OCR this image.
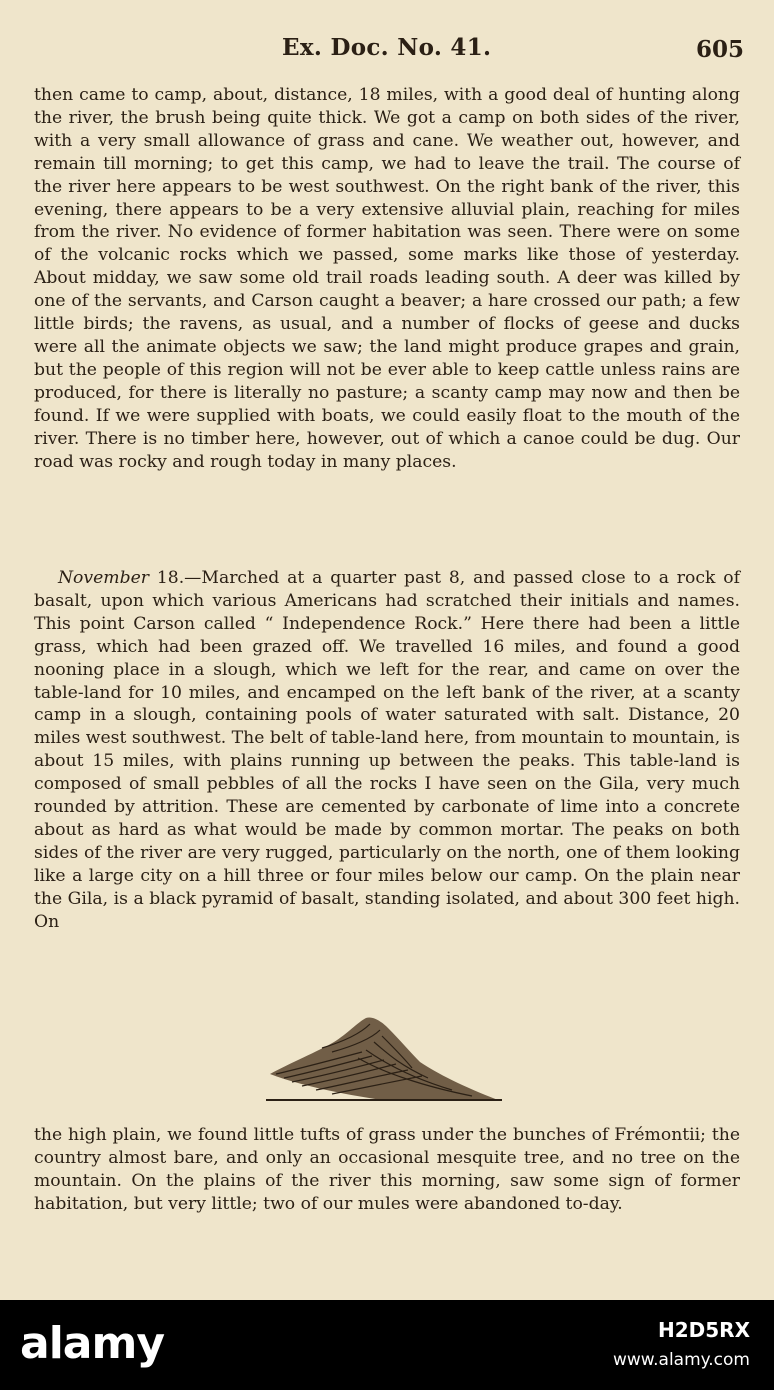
Ex. Doc. No. 41.	605

then came to camp, about, distance, 18 miles, with a good deal of hunting along the river, the brush being quite thick. We got a camp on both sides of the river, with a very small allowance of grass and cane. We weather out, however, and remain till morning; to get this camp, we had to leave the trail. The course of the river here appears to be west southwest. On the right bank of the river, this evening, there appears to be a very extensive alluvial plain, reaching for miles from the river. No evidence of former habitation was seen. There were on some of the volcanic rocks which we passed, some marks like those of yesterday. About midday, we saw some old trail roads leading south. A deer was killed by one of the servants, and Carson caught a beaver; a hare crossed our path; a few little birds; the ravens, as usual, and a number of flocks of geese and ducks were all the animate objects we saw; the land might produce grapes and grain, but the people of this region will not be ever able to keep cattle unless rains are produced, for there is literally no pasture; a scanty camp may now and then be found. If we were supplied with boats, we could easily float to the mouth of the river. There is no timber here, however, out of which a canoe could be dug. Our road was rocky and rough today in many places.

November 18.—Marched at a quarter past 8, and passed close to a rock of basalt, upon which various Americans had scratched their initials and names. This point Carson called “ Independence Rock.” Here there had been a little grass, which had been grazed off. We travelled 16 miles, and found a good nooning place in a slough, which we left for the rear, and came on over the table-land for 10 miles, and encamped on the left bank of the river, at a scanty camp in a slough, containing pools of water saturated with salt. Distance, 20 miles west southwest. The belt of table-land here, from mountain to mountain, is about 15 miles, with plains running up between the peaks. This table-land is composed of small pebbles of all the rocks I have seen on the Gila, very much rounded by attrition. These are cemented by carbonate of lime into a concrete about as hard as what would be made by common mortar. The peaks on both sides of the river are very rugged, particularly on the north, one of them looking like a large city on a hill three or four miles below our camp. On the plain near the Gila, is a black pyramid of basalt, standing isolated, and about 300 feet high. On

the high plain, we found little tufts of grass under the bunches of Frémontii; the country almost bare, and only an occasional mesquite tree, and no tree on the mountain. On the plains of the river this morning, saw some sign of former habitation, but very little; two of our mules were abandoned to-day.

alamy	H2D5RX
www.alamy.com
